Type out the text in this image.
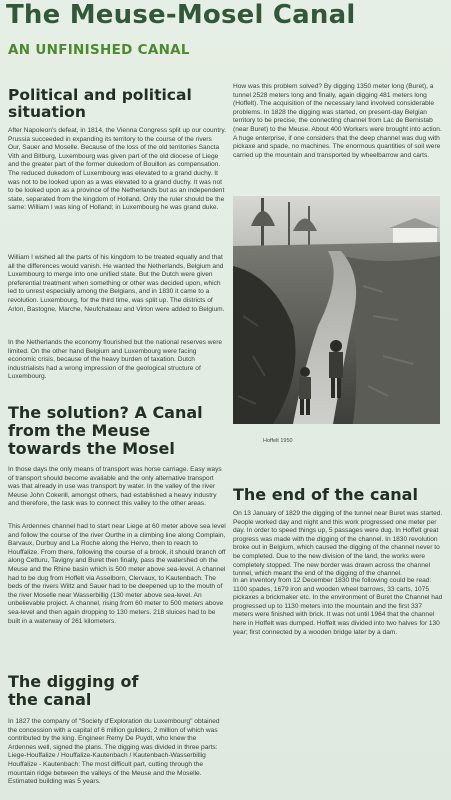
The Meuse-Mosel Canal
AN UNFINISHED CANAL
Political and political situation
After Napoleon's defeat, in 1814, the Vienna Congress split up our country. Prussia succeeded in expanding its territory to the course of the rivers Our, Sauer and Moselle. Because of the loss of the old territories Sancta Vith and Bitburg, Luxembourg was given part of the old diocese of Liege and the greater part of the former dukedom of Bouillon as compensation. The reduced dukedom of Luxembourg was elevated to a grand duchy. It was not to be looked upon as a was elevated to a grand duchy. It was not to be looked upon as a province of the Netherlands but as an independent state, separated from the kingdom of Holland. Only the ruler should be the same: William I was king of Holland; in Luxembourg he was grand duke.
William I wished all the parts of his kingdom to be treated equally and that all the differences would vanish. He wanted the Netherlands, Belgium and Luxembourg to merge into one unified state. But the Dutch were given preferential treatment when something or other was decided upon, which led to unrest especially among the Belgians, and in 1830 it came to a revolution. Luxembourg, for the third time, was split up. The districts of Arlon, Bastogne, Marche, Neufchateau and Virton were added to Belgium.
In the Netherlands the economy flourished but the national reserves were limited. On the other hand Belgium and Luxembourg were facing economic crisis, because of the heavy burden of taxation. Dutch industrialists had a wrong impression of the geological structure of Luxembourg.
The solution? A Canal from the Meuse towards the Mosel
In those days the only means of transport was horse carriage. Easy ways of transport should become available and the only alternative transport was that already in use was transport by water. In the valley of the river Meuse John Cokerill, amongst others, had established a heavy industry and therefore, the task was to connect this valley to the other areas.
This Ardennes channel had to start near Liege at 60 meter above sea level and follow the course of the river Ourthe in a climbing line along Complain, Barvaux, Durbuy and La Roche along the Hervo, then to reach to Houffalize. From there, following the course of a brook, it should branch off along Cetturu, Tavigny and Buret then finally, pass the watershed oh the Meuse and the Rhine basin which is 500 meter above sea-level. A channel had to be dug from Hoffelt via Asselborn, Clervaux, to Kautenbach. The beds of the rivers Wiltz and Sauer had to be deepened up to the mouth of the river Moselle near Wasserbillig (130 meter above sea-level. An unbelievable project. A channel, rising from 60 meter to 500 meters above sea-level and then again dropping to 130 meters. 218 sluices had to be built in a waterway of 261 kilometers.
The digging of the canal
In 1827 the company of "Society d'Exploration du Luxembourg" obtained the concession with a capital of 6 million guilders, 2 million of which was contributed by the king. Engineer Remy De Puydt, who knew the Ardennes well, signed the plans. The digging was divided in three parts: Liege-Houffalize / Houffalize-Kautenbach / Kautenbach-Wasserbillig Houffalize - Kautenbach: The most difficult part, cutting through the mountain ridge between the valleys of the Meuse and the Moselle. Estimated building was 5 years.
How was this problem solved? By digging 1350 meter long (Buret), a tunnel 2528 meters long and finally, again digging 481 meters long (Hoffelt). The acquisition of the necessary land involved considerable problems. In 1828 the digging was started, on present-day Belgian territory to be precise, the connecting channel from Lac de Bernistab (near Buret) to the Meuse. About 400 Workers were brought into action. A huge enterprise, if one considers that the deep channel was dug with pickaxe and spade, no machines. The enormous quantities of soil were carried up the mountain and transported by wheelbarrow and carts.
Hoffelt 1950
The end of the canal
On 13 January of 1829 the digging of the tunnel near Buret was started. People worked day and night and this work progressed one meter per day. In order to speed things up, 5 passages were dug. In Hoffelt great progress was made with the digging of the channel. In 1830 revolution broke out in Belgium, which caused the digging of the channel never to be completed. Due to the new division of the land, the works were completely stopped. The new border was drawn across the channel tunnel, which meant the end of the digging of the channel.
In an inventory from 12 December 1830 the following could be read: 1100 spades, 1679 iron and wooden wheel barrows, 33 carts, 1075 pickaxes a brickmaker etc. In the environment of Buret the Channel had progressed up to 1130 meters into the mountain and the first 337 meters were finished with brick. It was not until 1964 that the channel here in Hoffelt was dumped. Hoffelt was divided into two halves for 130 year; first connected by a wooden bridge later by a dam.
